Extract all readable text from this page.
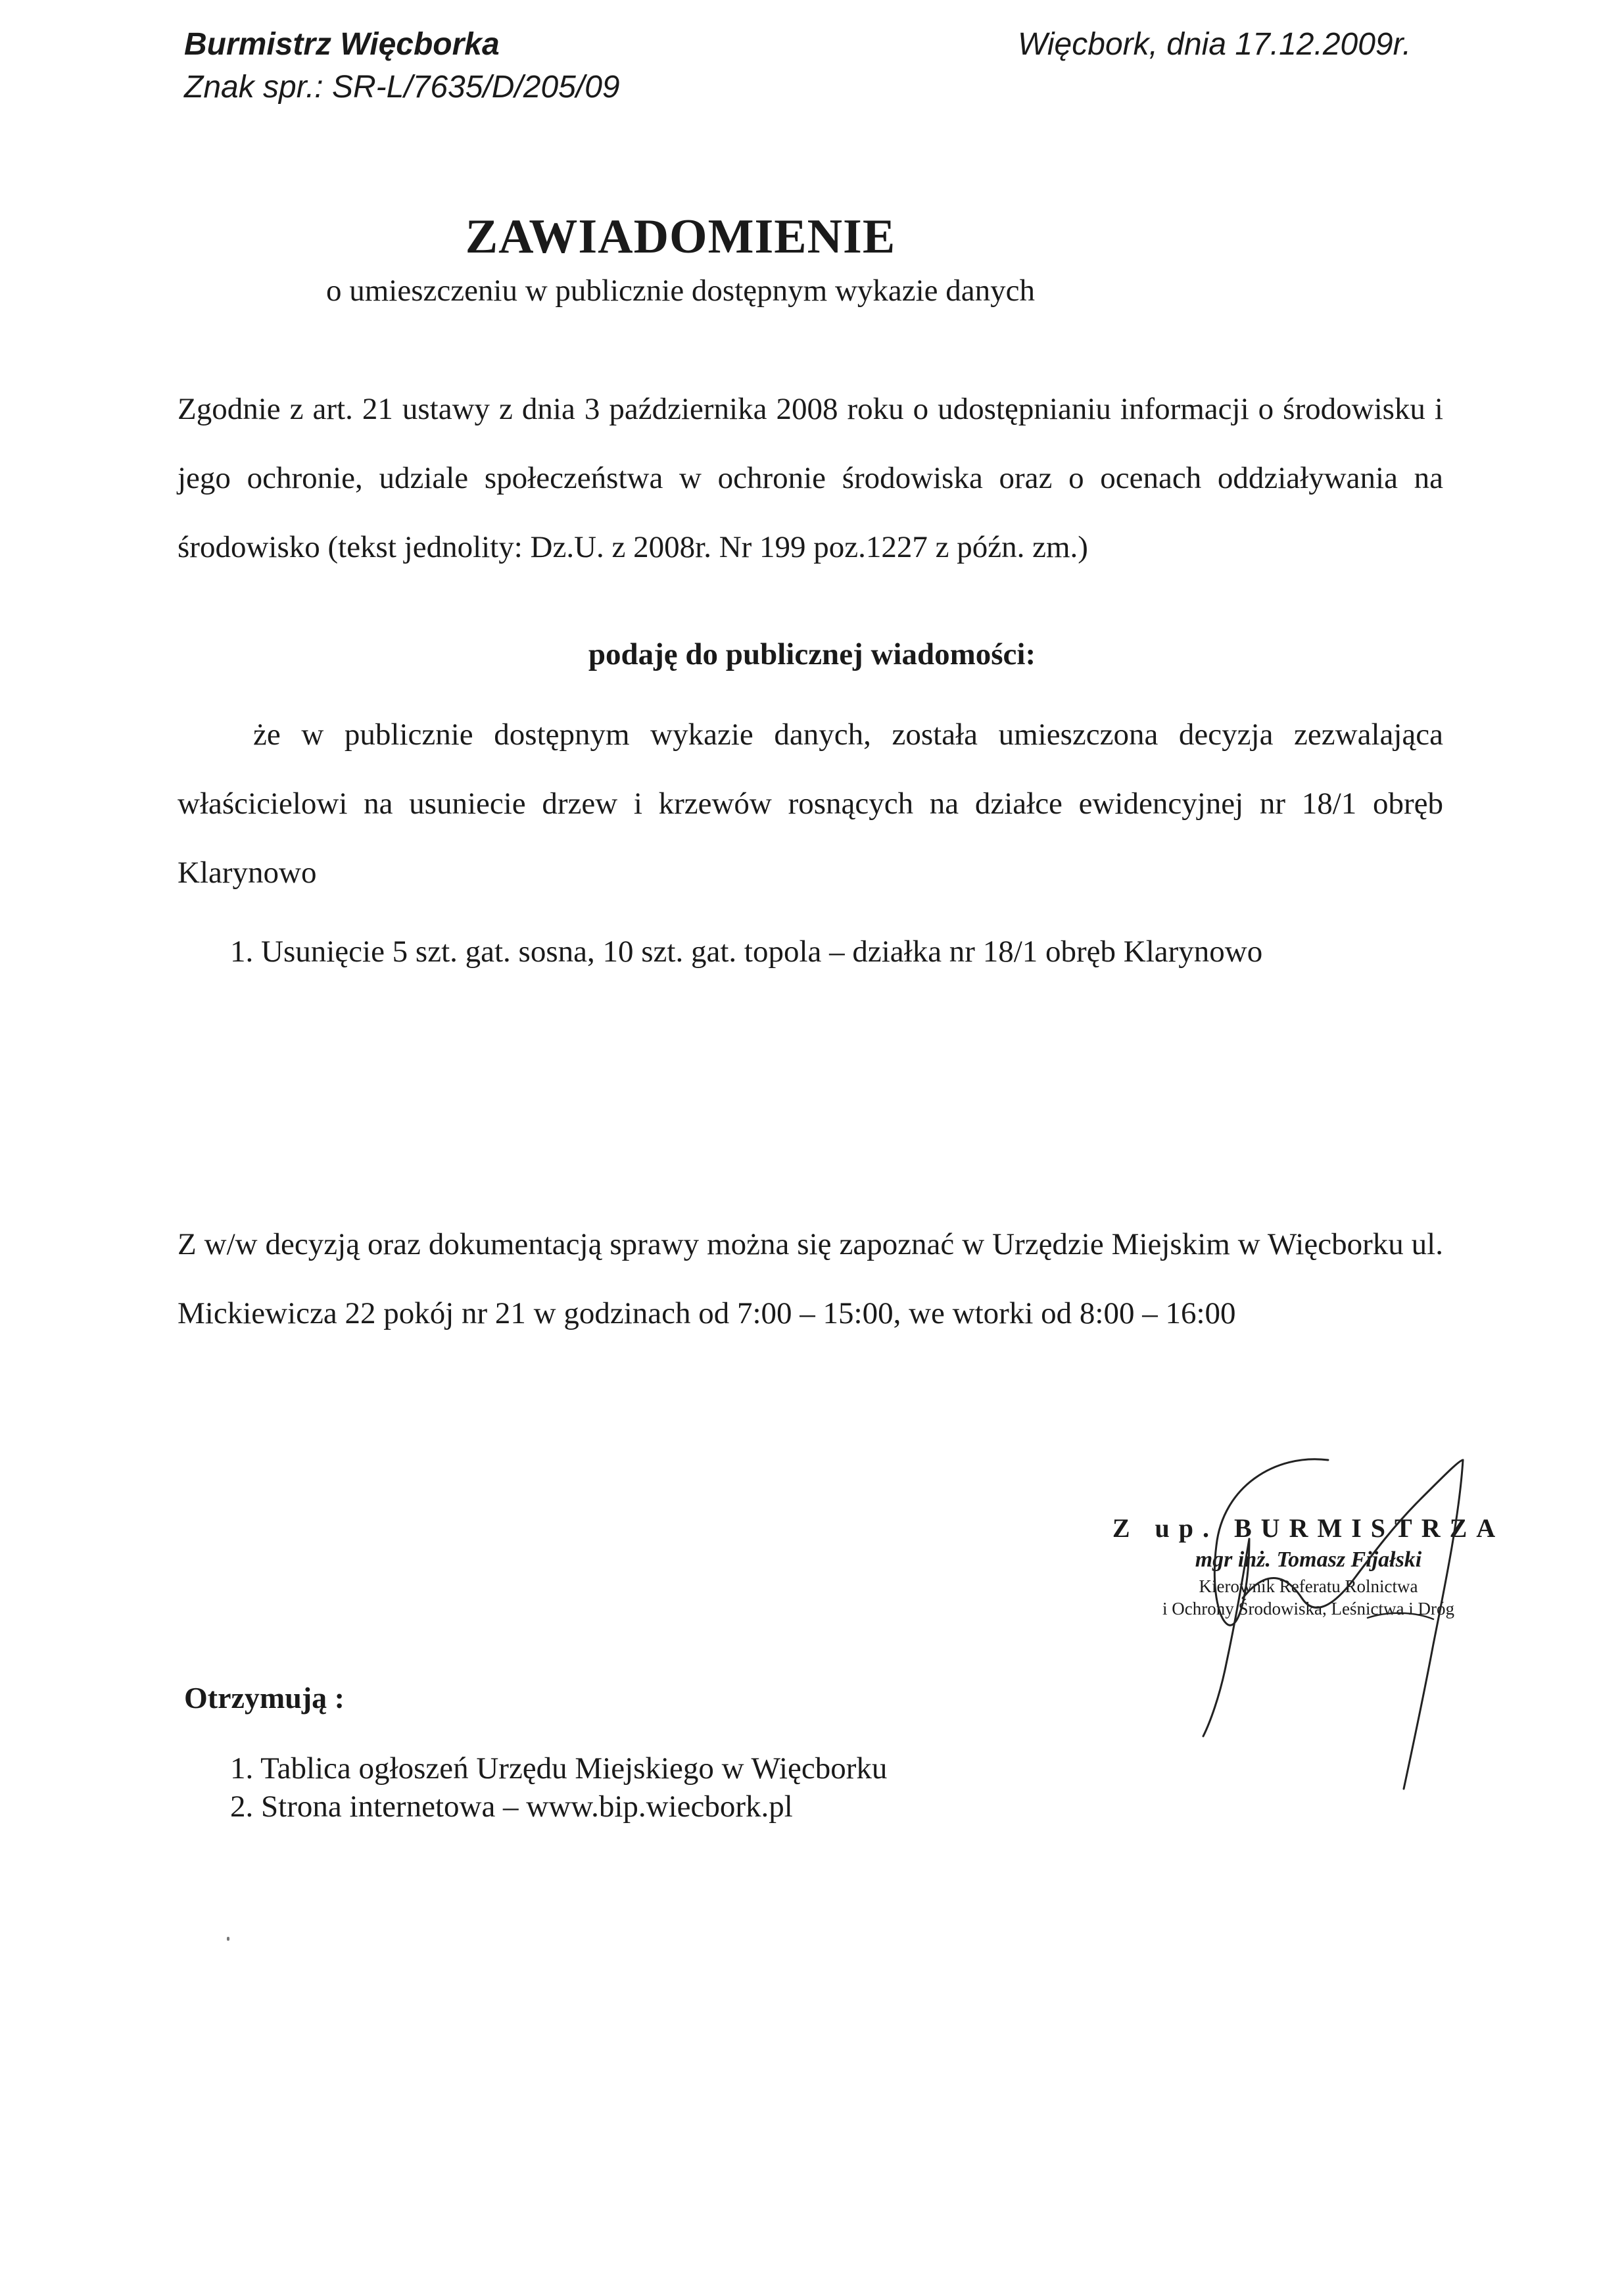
Burmistrz Więcborka
Znak spr.: SR-L/7635/D/205/09
Więcbork, dnia 17.12.2009r.
ZAWIADOMIENIE
o umieszczeniu w publicznie dostępnym wykazie danych
Zgodnie z art. 21 ustawy z dnia 3 października 2008 roku o udostępnianiu informacji o środowisku i jego ochronie, udziale społeczeństwa w ochronie środowiska oraz o ocenach oddziaływania na środowisko (tekst jednolity: Dz.U. z 2008r. Nr 199 poz.1227 z późn. zm.)
podaję do publicznej wiadomości:
że w publicznie dostępnym wykazie danych, została umieszczona decyzja zezwalająca właścicielowi na usuniecie drzew i krzewów rosnących na działce ewidencyjnej nr 18/1 obręb Klarynowo
1. Usunięcie 5 szt. gat. sosna, 10 szt. gat. topola – działka nr 18/1 obręb Klarynowo
Z w/w decyzją oraz dokumentacją sprawy można się zapoznać w Urzędzie Miejskim w Więcborku ul. Mickiewicza 22 pokój nr 21 w godzinach od 7:00 – 15:00, we wtorki od 8:00 – 16:00
Z up. BURMISTRZA
mgr inż. Tomasz Fijałski
Kierownik Referatu Rolnictwa
i Ochrony Środowiska, Leśnictwa i Dróg
Otrzymują :
1. Tablica ogłoszeń Urzędu Miejskiego w Więcborku
2. Strona internetowa – www.bip.wiecbork.pl
